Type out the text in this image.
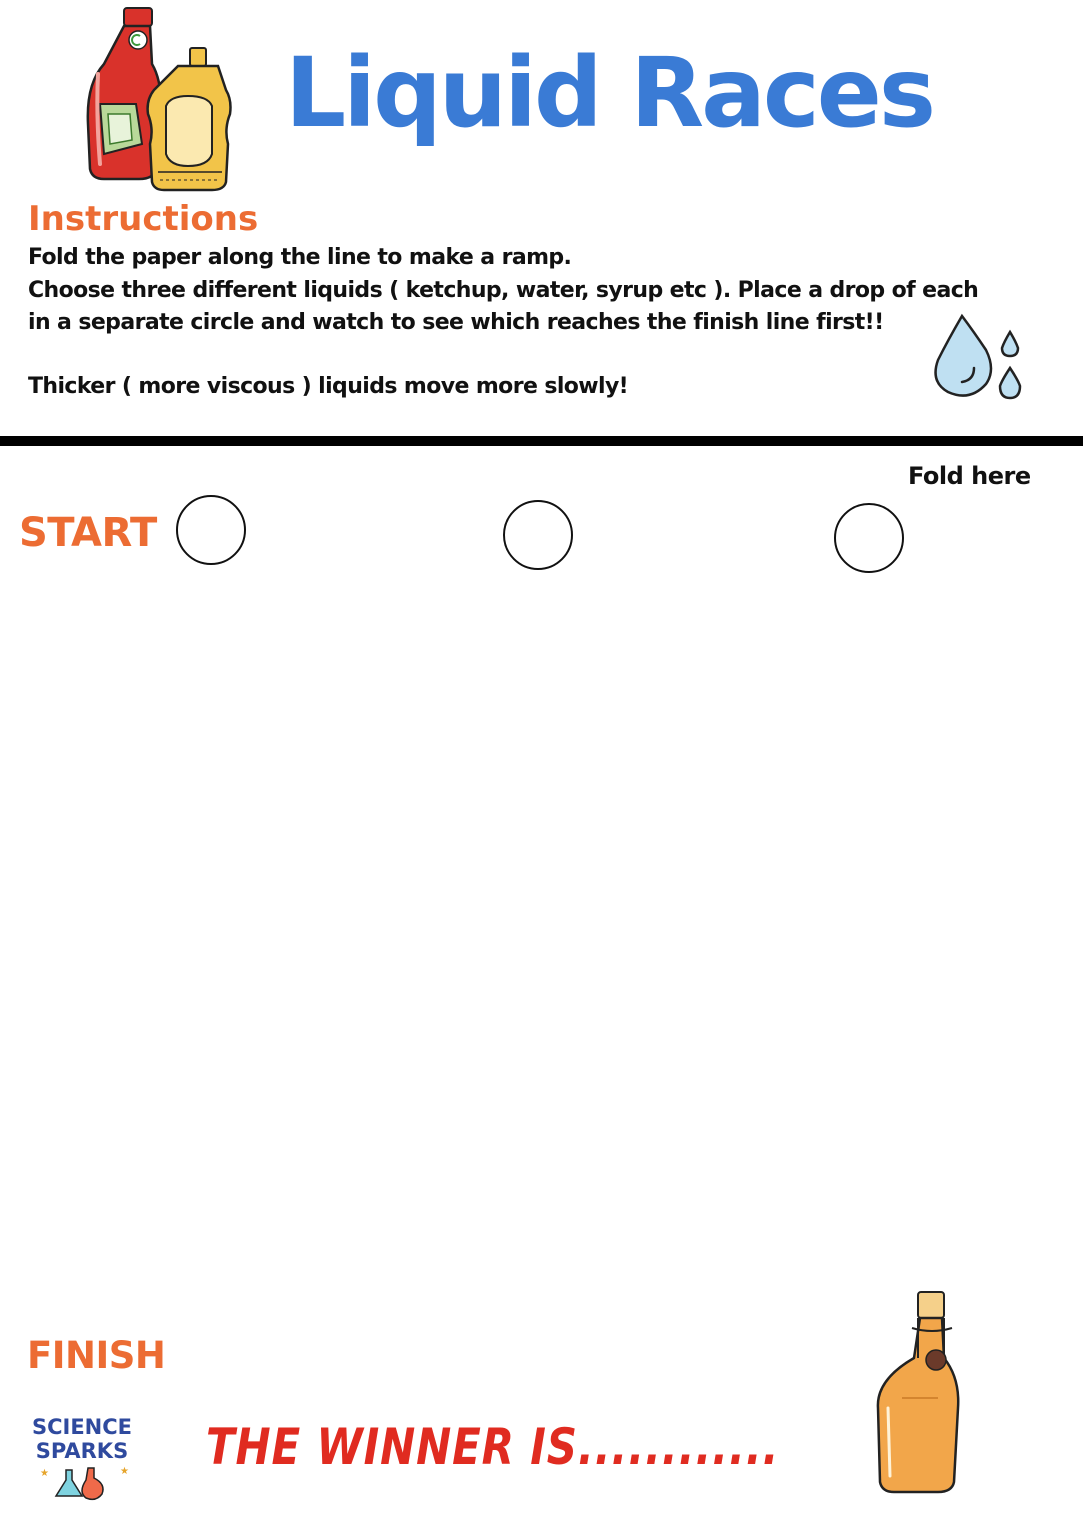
Liquid Races
Instructions
Fold the paper along the line to make a ramp.
Choose three different liquids ( ketchup, water, syrup etc ). Place a drop of each
in a separate circle and watch to see which reaches the finish line first!!
Thicker ( more viscous ) liquids move more slowly!
Fold here
START
FINISH
SCIENCE
SPARKS
★	★ THE WINNER IS............
